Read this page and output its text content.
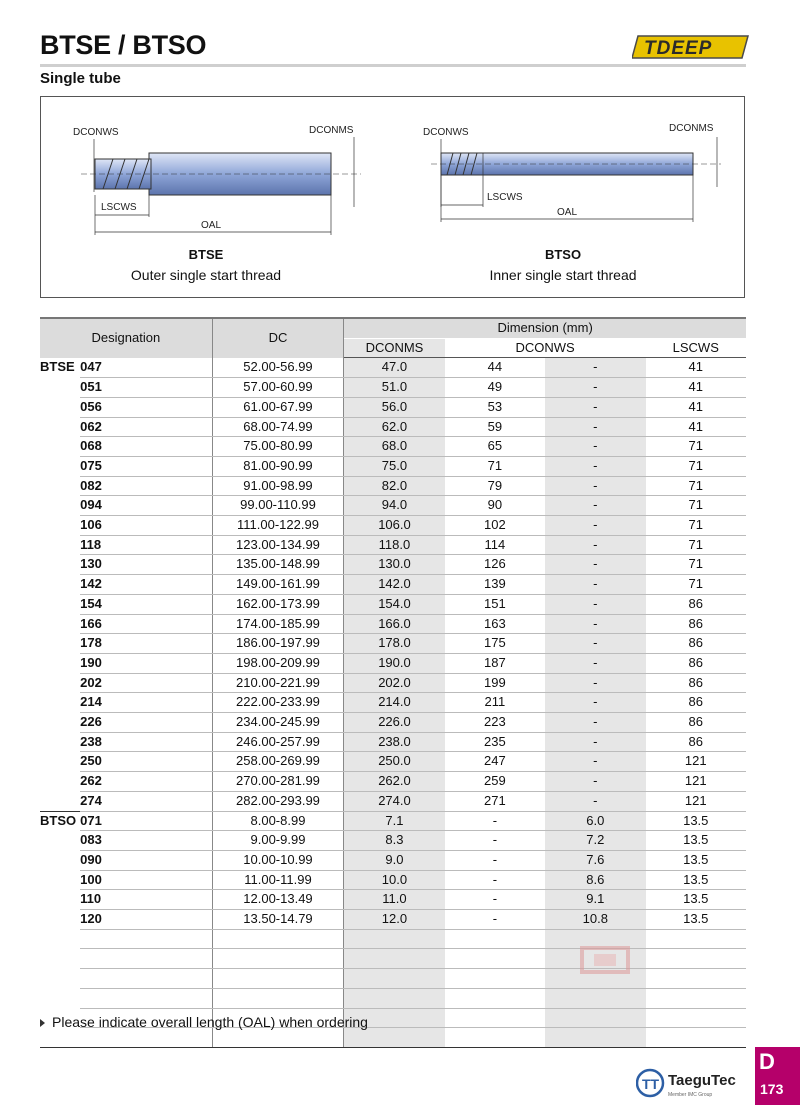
BTSE / BTSO
Single tube
TDEEP
DCONWS	DCONMS
LSCWS
OAL
BTSE
Outer single start thread
DCONWS	DCONMS
LSCWS
OAL
BTSO
Inner single start thread
Designation		DC	Dimension (mm)			
			DCONMS	DCONWS		LSCWS
BTSE	047	52.00-56.99	47.0	44	-	41
	051	57.00-60.99	51.0	49	-	41
	056	61.00-67.99	56.0	53	-	41
	062	68.00-74.99	62.0	59	-	41
	068	75.00-80.99	68.0	65	-	71
	075	81.00-90.99	75.0	71	-	71
	082	91.00-98.99	82.0	79	-	71
	094	99.00-110.99	94.0	90	-	71
	106	111.00-122.99	106.0	102	-	71
	118	123.00-134.99	118.0	114	-	71
	130	135.00-148.99	130.0	126	-	71
	142	149.00-161.99	142.0	139	-	71
	154	162.00-173.99	154.0	151	-	86
	166	174.00-185.99	166.0	163	-	86
	178	186.00-197.99	178.0	175	-	86
	190	198.00-209.99	190.0	187	-	86
	202	210.00-221.99	202.0	199	-	86
	214	222.00-233.99	214.0	211	-	86
	226	234.00-245.99	226.0	223	-	86
	238	246.00-257.99	238.0	235	-	86
	250	258.00-269.99	250.0	247	-	121
	262	270.00-281.99	262.0	259	-	121
	274	282.00-293.99	274.0	271	-	121
BTSO	071	8.00-8.99	7.1	-	6.0	13.5
	083	9.00-9.99	8.3	-	7.2	13.5
	090	10.00-10.99	9.0	-	7.6	13.5
	100	11.00-11.99	10.0	-	8.6	13.5
	110	12.00-13.49	11.0	-	9.1	13.5
	120	13.50-14.79	12.0	-	10.8	13.5

Please indicate overall length (OAL) when ordering
TT TaeguTec
Member IMC Group
D
173
